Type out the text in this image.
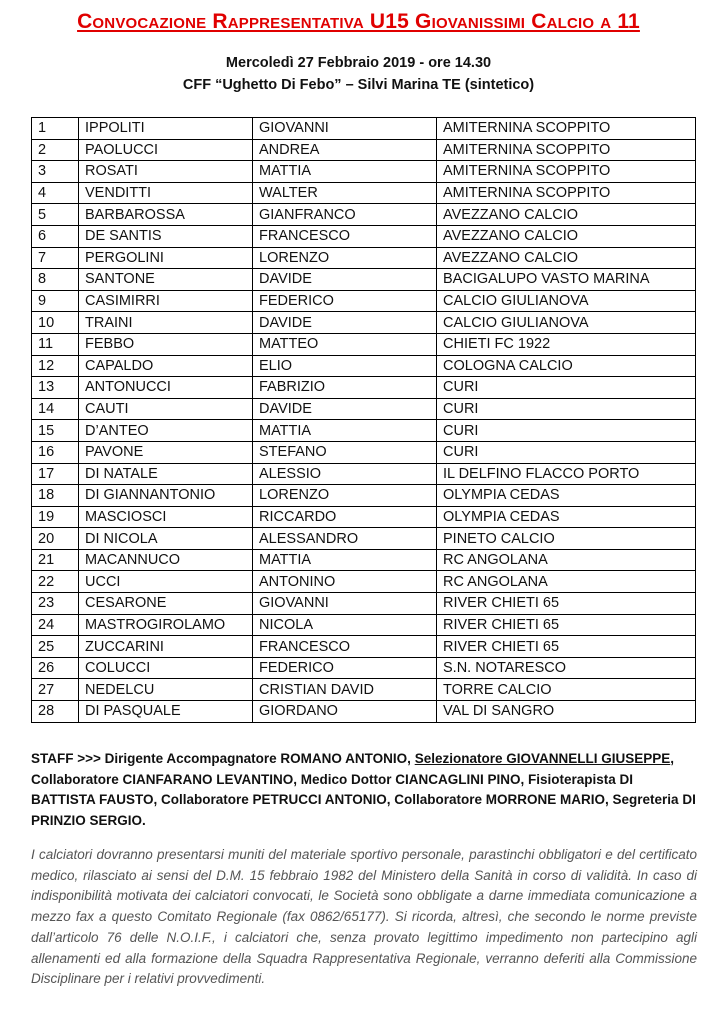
Convocazione Rappresentativa U15 Giovanissimi Calcio a 11
Mercoledì 27 Febbraio 2019 - ore 14.30
CFF “Ughetto Di Febo” – Silvi Marina TE (sintetico)
1	IPPOLITI	GIOVANNI	AMITERNINA SCOPPITO
2	PAOLUCCI	ANDREA	AMITERNINA SCOPPITO
3	ROSATI	MATTIA	AMITERNINA SCOPPITO
4	VENDITTI	WALTER	AMITERNINA SCOPPITO
5	BARBAROSSA	GIANFRANCO	AVEZZANO CALCIO
6	DE SANTIS	FRANCESCO	AVEZZANO CALCIO
7	PERGOLINI	LORENZO	AVEZZANO CALCIO
8	SANTONE	DAVIDE	BACIGALUPO VASTO MARINA
9	CASIMIRRI	FEDERICO	CALCIO GIULIANOVA
10	TRAINI	DAVIDE	CALCIO GIULIANOVA
11	FEBBO	MATTEO	CHIETI FC 1922
12	CAPALDO	ELIO	COLOGNA CALCIO
13	ANTONUCCI	FABRIZIO	CURI
14	CAUTI	DAVIDE	CURI
15	D’ANTEO	MATTIA	CURI
16	PAVONE	STEFANO	CURI
17	DI NATALE	ALESSIO	IL DELFINO FLACCO PORTO
18	DI GIANNANTONIO	LORENZO	OLYMPIA CEDAS
19	MASCIOSCI	RICCARDO	OLYMPIA CEDAS
20	DI NICOLA	ALESSANDRO	PINETO CALCIO
21	MACANNUCO	MATTIA	RC ANGOLANA
22	UCCI	ANTONINO	RC ANGOLANA
23	CESARONE	GIOVANNI	RIVER CHIETI 65
24	MASTROGIROLAMO	NICOLA	RIVER CHIETI 65
25	ZUCCARINI	FRANCESCO	RIVER CHIETI 65
26	COLUCCI	FEDERICO	S.N. NOTARESCO
27	NEDELCU	CRISTIAN DAVID	TORRE CALCIO
28	DI PASQUALE	GIORDANO	VAL DI SANGRO
STAFF >>> Dirigente Accompagnatore ROMANO ANTONIO, Selezionatore GIOVANNELLI GIUSEPPE, Collaboratore CIANFARANO LEVANTINO, Medico Dottor CIANCAGLINI PINO, Fisioterapista DI BATTISTA FAUSTO, Collaboratore PETRUCCI ANTONIO, Collaboratore MORRONE MARIO, Segreteria DI PRINZIO SERGIO.
I calciatori dovranno presentarsi muniti del materiale sportivo personale, parastinchi obbligatori e del certificato medico, rilasciato ai sensi del D.M. 15 febbraio 1982 del Ministero della Sanità in corso di validità. In caso di indisponibilità motivata dei calciatori convocati, le Società sono obbligate a darne immediata comunicazione a mezzo fax a questo Comitato Regionale (fax 0862/65177). Si ricorda, altresì, che secondo le norme previste dall’articolo 76 delle N.O.I.F., i calciatori che, senza provato legittimo impedimento non partecipino agli allenamenti ed alla formazione della Squadra Rappresentativa Regionale, verranno deferiti alla Commissione Disciplinare per i relativi provvedimenti.
